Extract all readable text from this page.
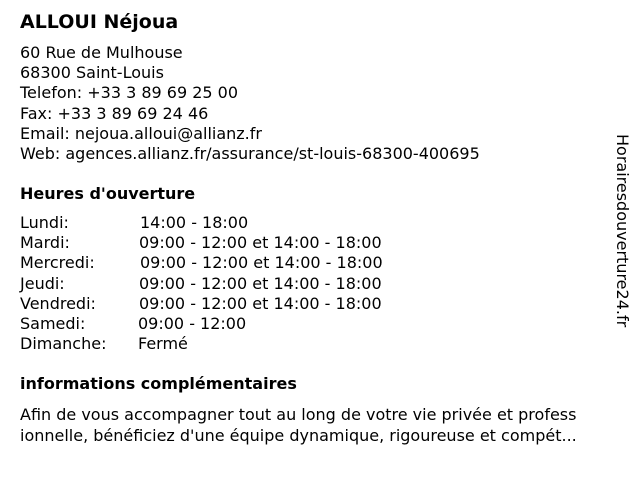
ALLOUI Néjoua
60 Rue de Mulhouse
68300 Saint-Louis
Telefon: +33 3 89 69 25 00
Fax: +33 3 89 69 24 46
Email: nejoua.alloui@allianz.fr
Web: agences.allianz.fr/assurance/st-louis-68300-400695
Heures d'ouverture
Lundi:	14:00 - 18:00
Mardi:	09:00 - 12:00 et 14:00 - 18:00
Mercredi:	09:00 - 12:00 et 14:00 - 18:00
Jeudi:	09:00 - 12:00 et 14:00 - 18:00
Vendredi:	09:00 - 12:00 et 14:00 - 18:00
Samedi:	09:00 - 12:00
Dimanche: Fermé
informations complémentaires
Afin de vous accompagner tout au long de votre vie privée et profess
ionnelle, bénéficiez d'une équipe dynamique, rigoureuse et compét...
Horairesdouverture24.fr
